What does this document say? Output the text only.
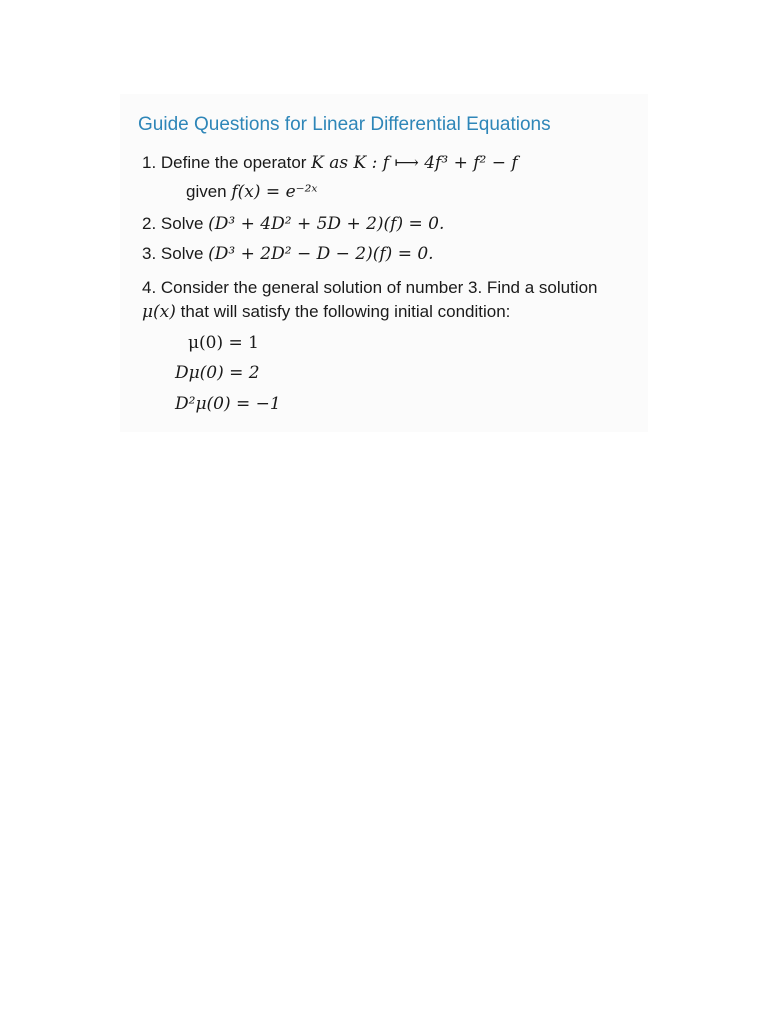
Guide Questions for Linear Differential Equations
1. Define the operator K as K : f ⟼ 4f³ + f² − f
given f(x) = e⁻²ˣ
2. Solve (D³ + 4D² + 5D + 2)(f) = 0.
3. Solve (D³ + 2D² − D − 2)(f) = 0.
4. Consider the general solution of number 3. Find a solution
μ(x) that will satisfy the following initial condition:
μ(0) = 1
Dμ(0) = 2
D²μ(0) = −1
